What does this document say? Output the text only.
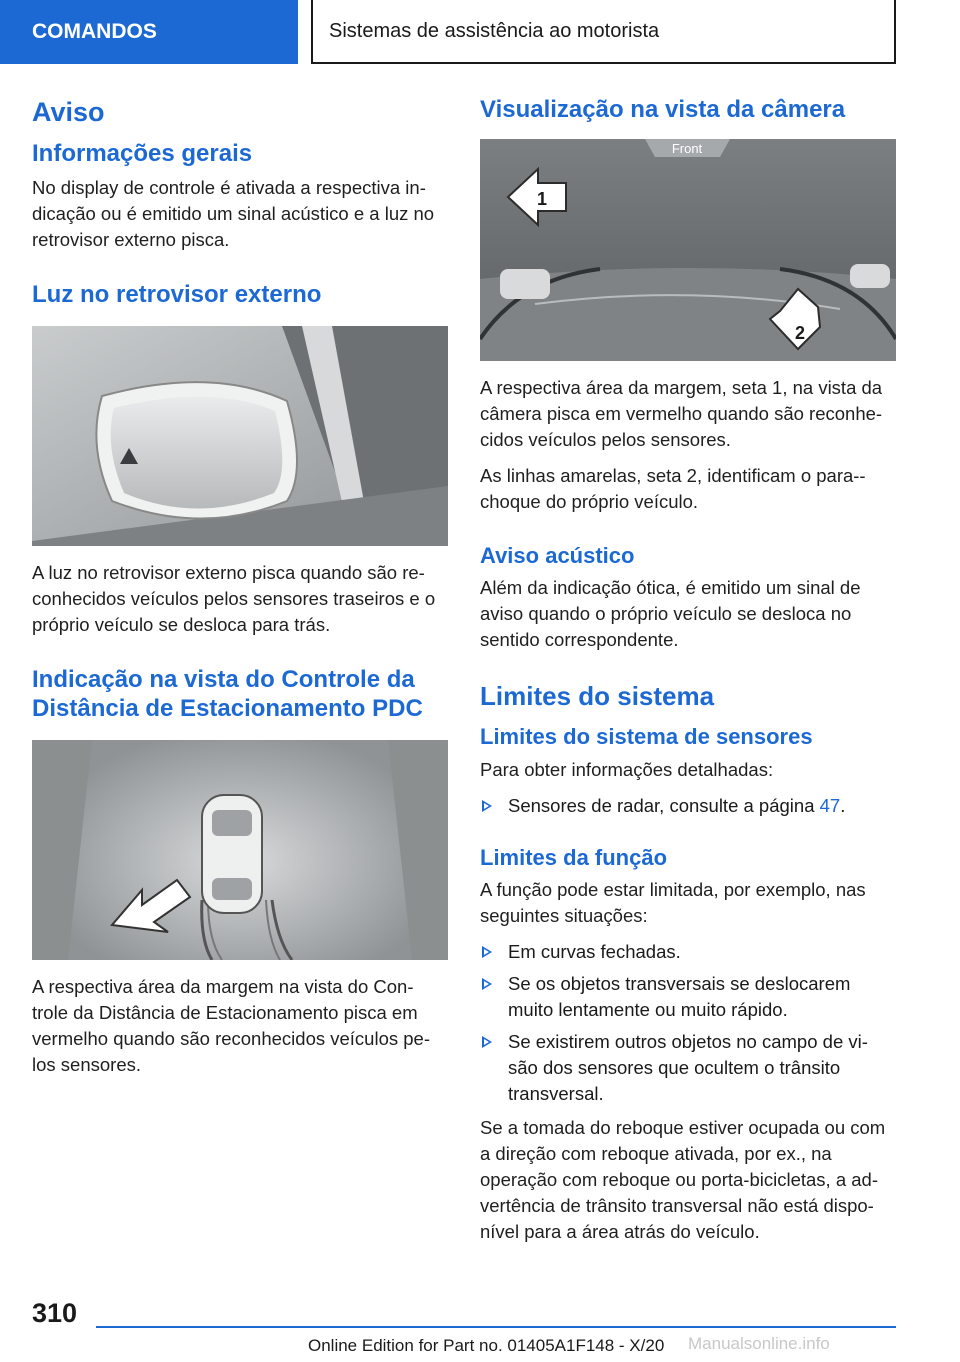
COMANDOS	Sistemas de assistência ao motorista
Aviso
Informações gerais

No display de controle é ativada a respectiva in-dicação ou é emitido um sinal acústico e a luz no retrovisor externo pisca.

Luz no retrovisor externo

A luz no retrovisor externo pisca quando são re-conhecidos veículos pelos sensores traseiros e o próprio veículo se desloca para trás.

Indicação na vista do Controle da Distância de Estacionamento PDC

A respectiva área da margem na vista do Con-trole da Distância de Estacionamento pisca em vermelho quando são reconhecidos veículos pe-los sensores.

Visualização na vista da câmera
Front
1
2

A respectiva área da margem, seta 1, na vista da câmera pisca em vermelho quando são reconhe-cidos veículos pelos sensores.

As linhas amarelas, seta 2, identificam o para--choque do próprio veículo.

Aviso acústico

Além da indicação ótica, é emitido um sinal de aviso quando o próprio veículo se desloca no sentido correspondente.

Limites do sistema
Limites do sistema de sensores

Para obter informações detalhadas:

Sensores de radar, consulte a página 47.
Limites da função

A função pode estar limitada, por exemplo, nas seguintes situações:

Em curvas fechadas.
Se os objetos transversais se deslocarem muito lentamente ou muito rápido.
Se existirem outros objetos no campo de vi-são dos sensores que ocultem o trânsito transversal.

Se a tomada do reboque estiver ocupada ou com a direção com reboque ativada, por ex., na operação com reboque ou porta-bicicletas, a ad-vertência de trânsito transversal não está dispo-nível para a área atrás do veículo.

310
Online Edition for Part no. 01405A1F148 - X/20 Manualsonline.info
